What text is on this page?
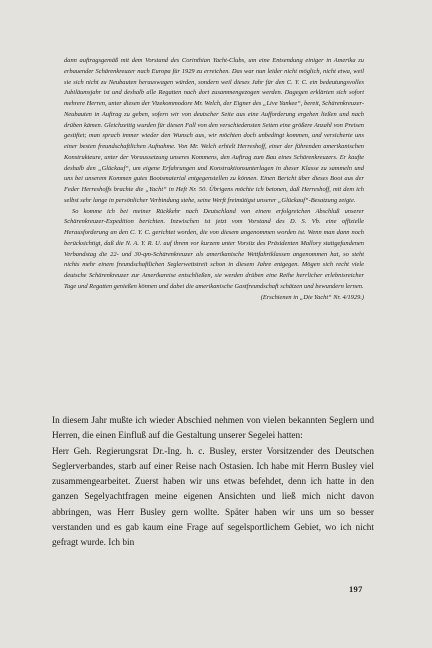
dann auftragsgemäß mit dem Vorstand des Corinthian Yacht-Clubs, um eine Entsendung einiger in Amerika zu erbauender Schärenkreuzer nach Europa für 1929 zu erreichen. Das war nun leider nicht möglich, nicht etwa, weil sie sich nicht zu Neubauten herauswagen würden, sondern weil dieses Jahr für den C. Y. C. ein bedeutungsvolles Jubiläumsjahr ist und deshalb alle Regatten nach dort zusammengezogen werden. Dagegen erklärten sich sofort mehrere Herren, unter diesen der Vizekommodore Mr. Welch, der Eigner des „Live Yankee“, bereit, Schärenkreuzer-Neubauten in Auftrag zu geben, sofern wir von deutscher Seite aus eine Aufforderung ergehen ließen und nach drüben kämen. Gleichzeitig wurden für diesen Fall von den verschiedensten Seiten eine größere Anzahl von Preisen gestiftet; man sprach immer wieder den Wunsch aus, wir möchten doch unbedingt kommen, und versicherte uns einer besten freundschaftlichen Aufnahme. Von Mr. Welch erhielt Herreshoff, einer der führenden amerikanischen Konstrukteure, unter der Voraussetzung unseres Kommens, den Auftrag zum Bau eines Schärenkreuzers. Er kaufte deshalb den „Glückauf“, um eigene Erfahrungen und Konstruktionsunterlagen in dieser Klasse zu sammeln und uns bei unserem Kommen gutes Bootsmaterial entgegenstellen zu können. Einen Bericht über dieses Boot aus der Feder Herreshoffs brachte die „Yacht“ in Heft Nr. 50. Übrigens möchte ich betonen, daß Herreshoff, mit dem ich selbst sehr lange in persönlicher Verbindung stehe, seine Werft freimütigst unserer „Glückauf“-Besatzung zeigte.

So komme ich bei meiner Rückkehr nach Deutschland von einem erfolgreichen Abschluß unserer Schärenkreuzer-Expedition berichten. Inzwischen ist jetzt vom Vorstand des D. S. Vb. eine offizielle Herausforderung an den C. Y. C. gerichtet worden, die von diesem angenommen worden ist. Wenn man dann noch berücksichtigt, daß die N. A. Y. R. U. auf ihrem vor kurzem unter Vorsitz des Präsidenten Mallory stattgefundenen Verbandstag die 22- und 30-qm-Schärenkreuzer als amerikanische Wettfahrtklassen angenommen hat, so steht nichts mehr einem freundschaftlichen Seglerwettstreit schon in diesem Jahre entgegen. Mögen sich recht viele deutsche Schärenkreuzer zur Amerikareise entschließen, sie werden drüben eine Reihe herrlicher erlebnisreicher Tage und Regatten genießen können und dabei die amerikanische Gastfreundschaft schätzen und bewundern lernen.

(Erschienen in „Die Yacht“ Nr. 4/1929.)

In diesem Jahr mußte ich wieder Abschied nehmen von vielen bekannten Seglern und Herren, die einen Einfluß auf die Gestaltung unserer Segelei hatten:

Herr Geh. Regierungsrat Dr.-Ing. h. c. Busley, erster Vorsitzender des Deutschen Seglerverbandes, starb auf einer Reise nach Ostasien. Ich habe mit Herrn Busley viel zusammengearbeitet. Zuerst haben wir uns etwas befehdet, denn ich hatte in den ganzen Segelyachtfragen meine eigenen Ansichten und ließ mich nicht davon abbringen, was Herr Busley gern wollte. Später haben wir uns um so besser verstanden und es gab kaum eine Frage auf segelsportlichem Gebiet, wo ich nicht gefragt wurde. Ich bin

197
